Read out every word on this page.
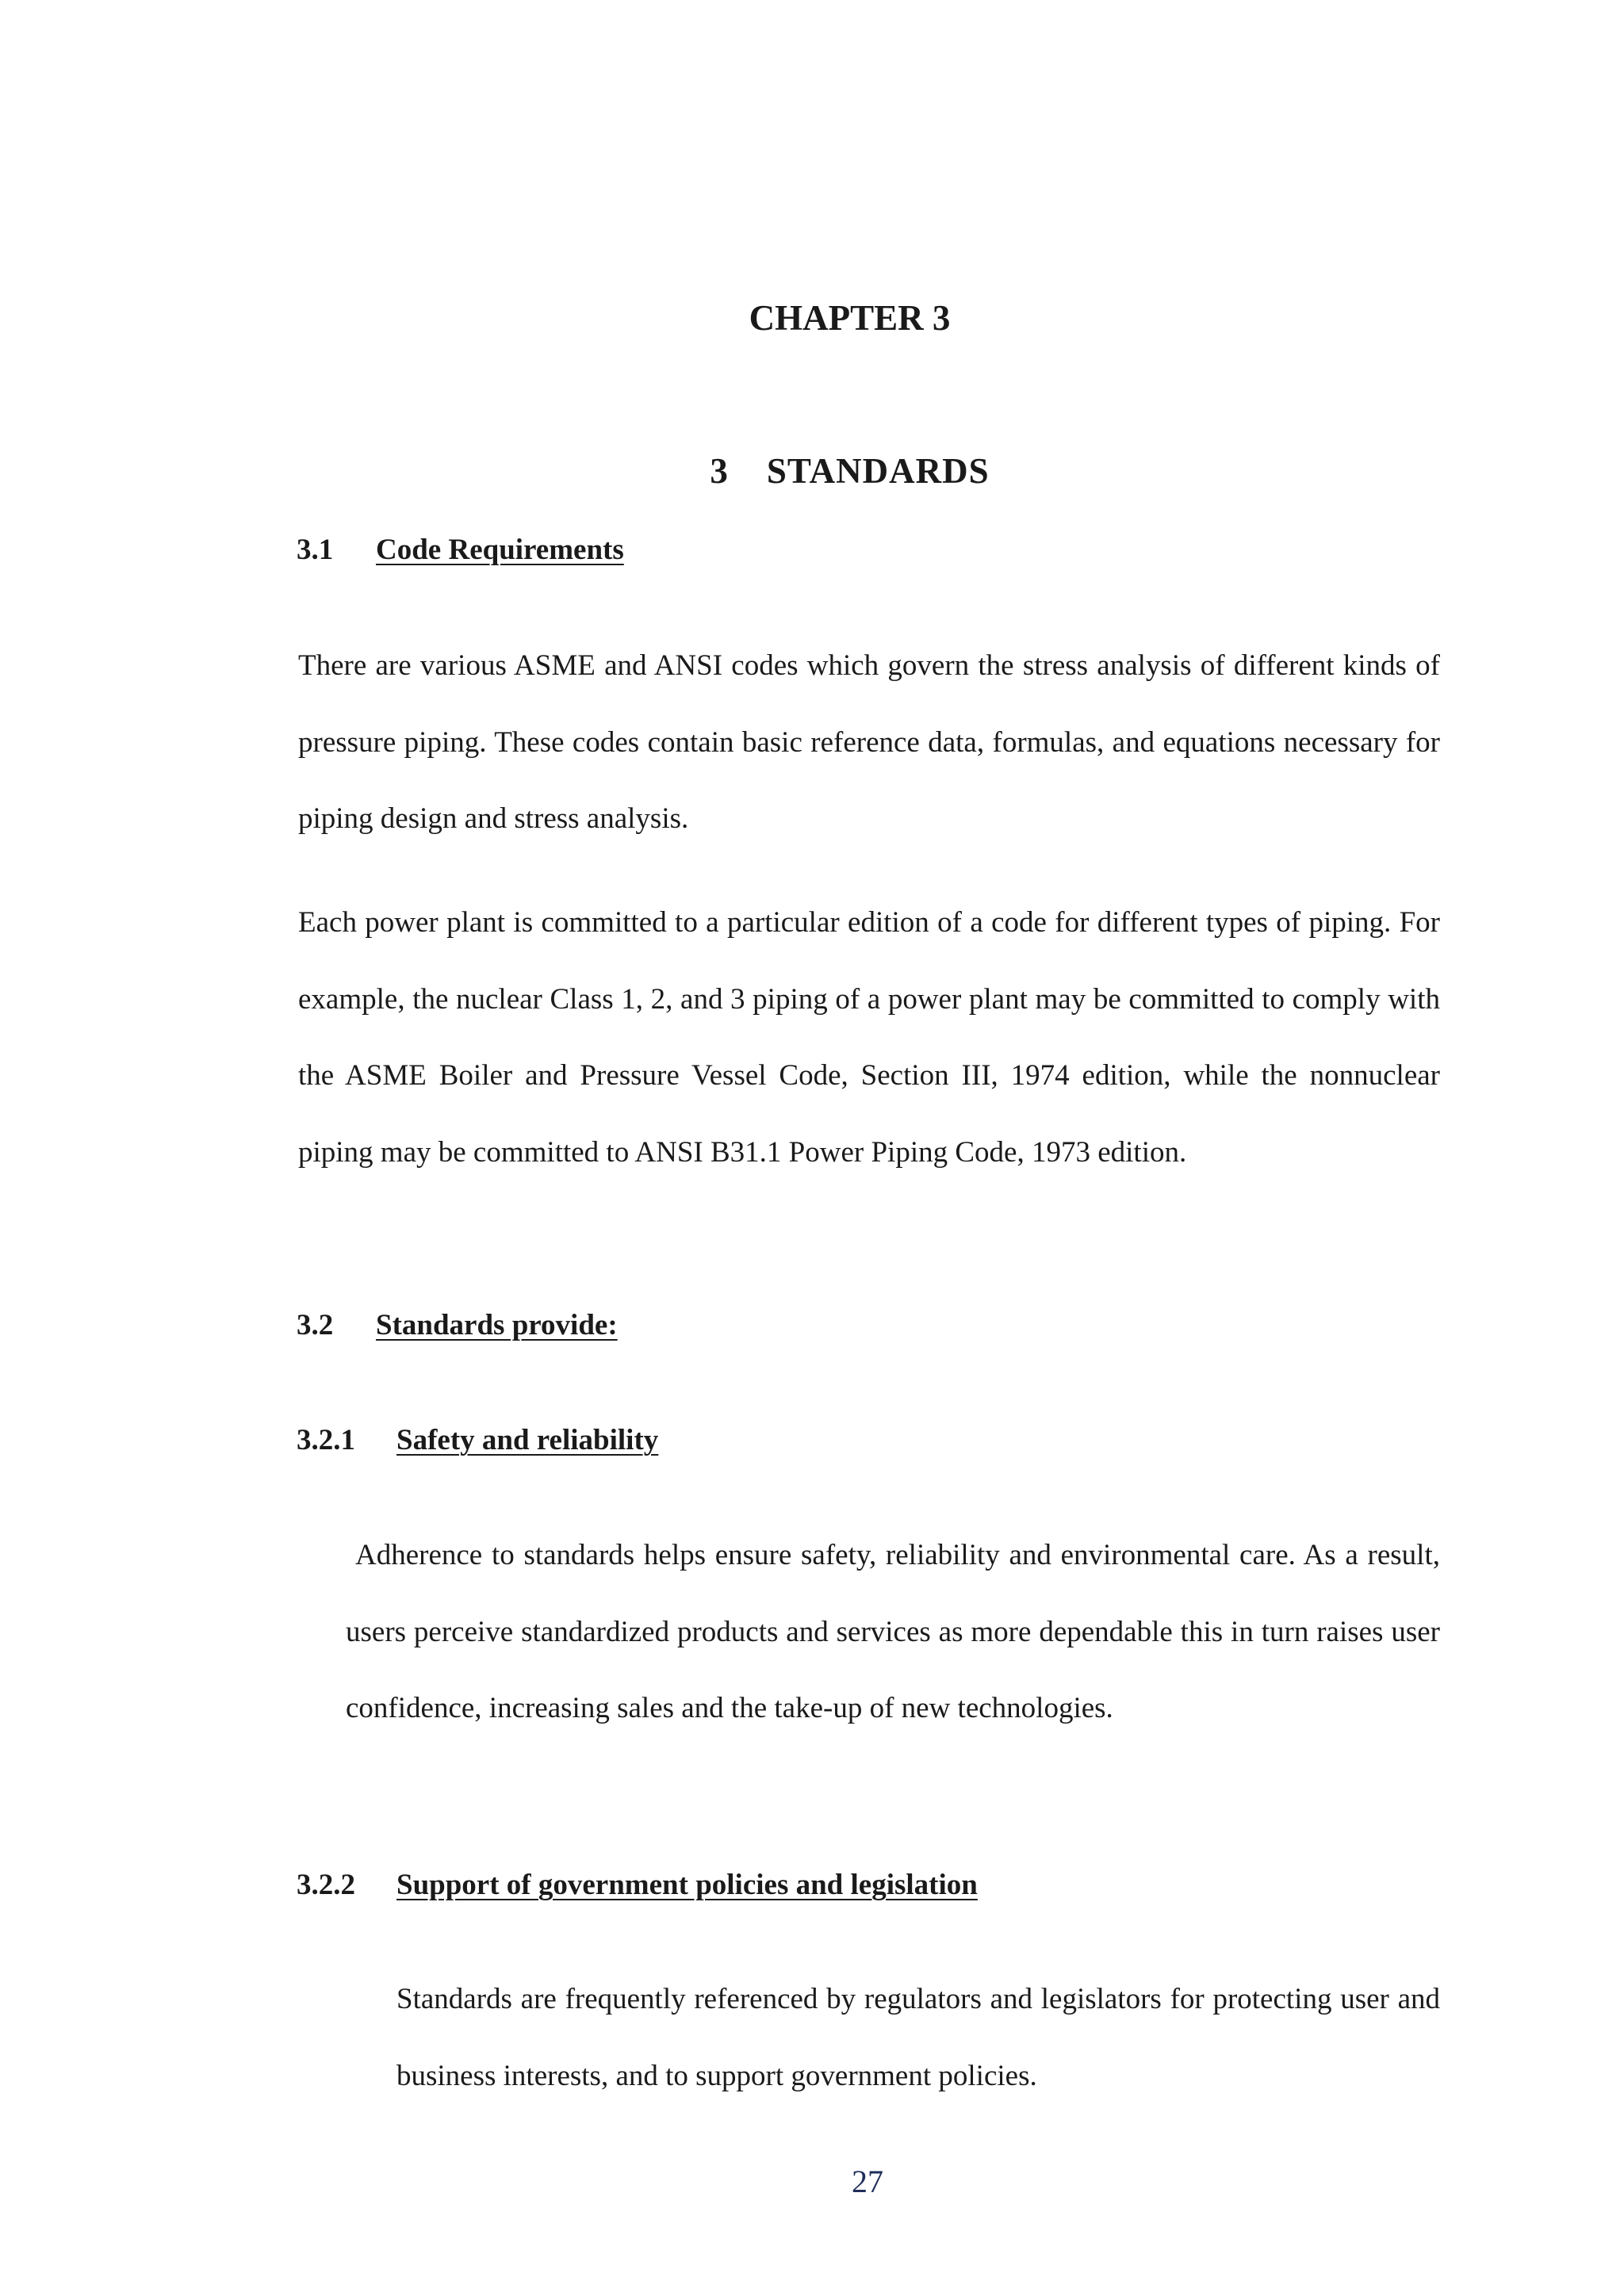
CHAPTER 3
3 STANDARDS
3.1 Code Requirements

There are various ASME and ANSI codes which govern the stress analysis of different kinds of pressure piping. These codes contain basic reference data, formulas, and equations necessary for piping design and stress analysis.

Each power plant is committed to a particular edition of a code for different types of piping. For example, the nuclear Class 1, 2, and 3 piping of a power plant may be committed to comply with the ASME Boiler and Pressure Vessel Code, Section III, 1974 edition, while the nonnuclear piping may be committed to ANSI B31.1 Power Piping Code, 1973 edition.

3.2 Standards provide:
3.2.1 Safety and reliability

Adherence to standards helps ensure safety, reliability and environmental care. As a result, users perceive standardized products and services as more dependable this in turn raises user confidence, increasing sales and the take-up of new technologies.

3.2.2 Support of government policies and legislation

Standards are frequently referenced by regulators and legislators for protecting user and business interests, and to support government policies.

27
